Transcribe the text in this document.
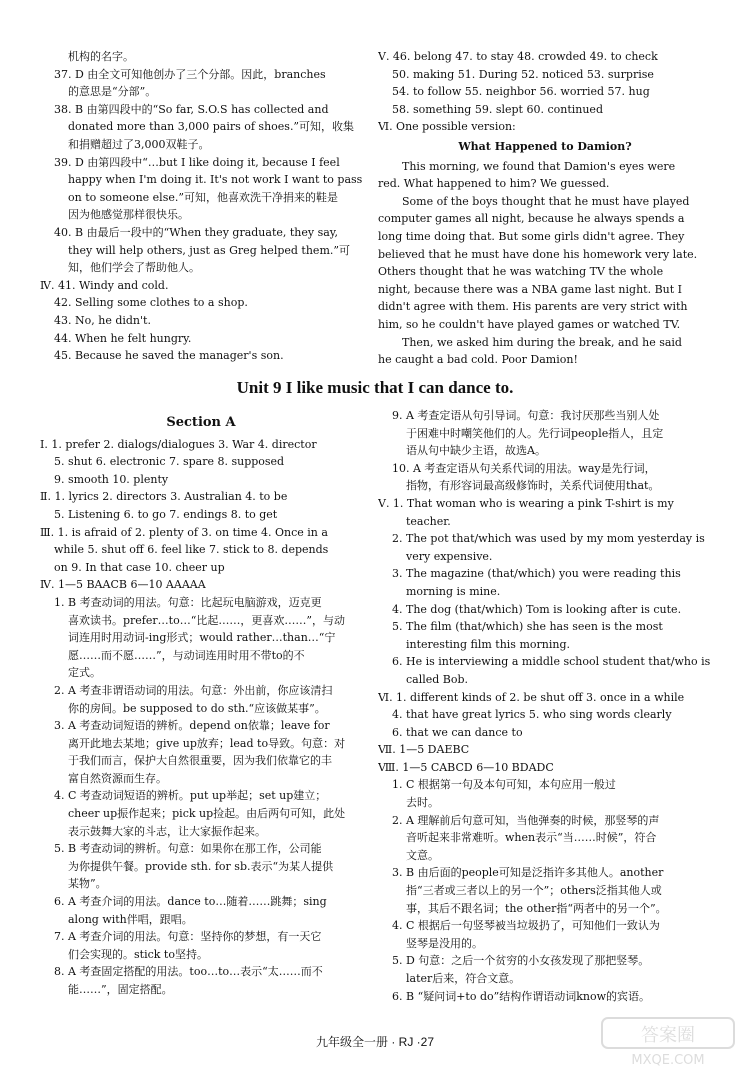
机构的名字。
37. D 由全文可知他创办了三个分部。因此，branches
的意思是“分部”。
38. B 由第四段中的“So far, S.O.S has collected and
donated more than 3,000 pairs of shoes.”可知，收集
和捐赠超过了3,000双鞋子。
39. D 由第四段中“…but I like doing it, because I feel
happy when I'm doing it. It's not work I want to pass
on to someone else.”可知，他喜欢洗干净捐来的鞋是
因为他感觉那样很快乐。
40. B 由最后一段中的“When they graduate, they say,
they will help others, just as Greg helped them.”可
知，他们学会了帮助他人。
Ⅳ. 41. Windy and cold.
42. Selling some clothes to a shop.
43. No, he didn't.
44. When he felt hungry.
45. Because he saved the manager's son.
Ⅴ. 46. belong 47. to stay 48. crowded 49. to check
50. making 51. During 52. noticed 53. surprise
54. to follow 55. neighbor 56. worried 57. hug
58. something 59. slept 60. continued
Ⅵ. One possible version:
What Happened to Damion?
This morning, we found that Damion's eyes were
red. What happened to him? We guessed.
Some of the boys thought that he must have played
computer games all night, because he always spends a
long time doing that. But some girls didn't agree. They
believed that he must have done his homework very late.
Others thought that he was watching TV the whole
night, because there was a NBA game last night. But I
didn't agree with them. His parents are very strict with
him, so he couldn't have played games or watched TV.
Then, we asked him during the break, and he said
he caught a bad cold. Poor Damion!
Unit 9 I like music that I can dance to.
Section A
Ⅰ. 1. prefer 2. dialogs/dialogues 3. War 4. director
5. shut 6. electronic 7. spare 8. supposed
9. smooth 10. plenty
Ⅱ. 1. lyrics 2. directors 3. Australian 4. to be
5. Listening 6. to go 7. endings 8. to get
Ⅲ. 1. is afraid of 2. plenty of 3. on time 4. Once in a
while 5. shut off 6. feel like 7. stick to 8. depends
on 9. In that case 10. cheer up
Ⅳ. 1—5 BAACB 6—10 AAAAA
1. B 考查动词的用法。句意：比起玩电脑游戏，迈克更
喜欢读书。prefer…to…“比起……，更喜欢……”，与动
词连用时用动词-ing形式；would rather…than…“宁
愿……而不愿……”，与动词连用时用不带to的不
定式。
2. A 考查非谓语动词的用法。句意：外出前，你应该清扫
你的房间。be supposed to do sth.“应该做某事”。
3. A 考查动词短语的辨析。depend on依靠；leave for
离开此地去某地；give up放弃；lead to导致。句意：对
于我们而言，保护大自然很重要，因为我们依靠它的丰
富自然资源而生存。
4. C 考查动词短语的辨析。put up举起；set up建立；
cheer up振作起来；pick up捡起。由后两句可知，此处
表示鼓舞大家的斗志，让大家振作起来。
5. B 考查动词的辨析。句意：如果你在那工作，公司能
为你提供午餐。provide sth. for sb.表示“为某人提供
某物”。
6. A 考查介词的用法。dance to…随着……跳舞；sing
along with伴唱，跟唱。
7. A 考查介词的用法。句意：坚持你的梦想，有一天它
们会实现的。stick to坚持。
8. A 考查固定搭配的用法。too…to…表示“太……而不
能……”，固定搭配。
9. A 考查定语从句引导词。句意：我讨厌那些当别人处
于困难中时嘲笑他们的人。先行词people指人，且定
语从句中缺少主语，故选A。
10. A 考查定语从句关系代词的用法。way是先行词，
指物，有形容词最高级修饰时，关系代词使用that。
Ⅴ. 1. That woman who is wearing a pink T-shirt is my
teacher.
2. The pot that/which was used by my mom yesterday is
very expensive.
3. The magazine (that/which) you were reading this
morning is mine.
4. The dog (that/which) Tom is looking after is cute.
5. The film (that/which) she has seen is the most
interesting film this morning.
6. He is interviewing a middle school student that/who is
called Bob.
Ⅵ. 1. different kinds of 2. be shut off 3. once in a while
4. that have great lyrics 5. who sing words clearly
6. that we can dance to
Ⅶ. 1—5 DAEBC
Ⅷ. 1—5 CABCD 6—10 BDADC
1. C 根据第一句及本句可知，本句应用一般过
去时。
2. A 理解前后句意可知，当他弹奏的时候，那竖琴的声
音听起来非常难听。when表示“当……时候”，符合
文意。
3. B 由后面的people可知是泛指许多其他人。another
指“三者或三者以上的另一个”；others泛指其他人或
事，其后不跟名词；the other指“两者中的另一个”。
4. C 根据后一句竖琴被当垃圾扔了，可知他们一致认为
竖琴是没用的。
5. D 句意：之后一个贫穷的小女孩发现了那把竖琴。
later后来，符合文意。
6. B “疑问词+to do”结构作谓语动词know的宾语。
九年级全一册 · RJ ·27	答案圈
MXQE.COM
